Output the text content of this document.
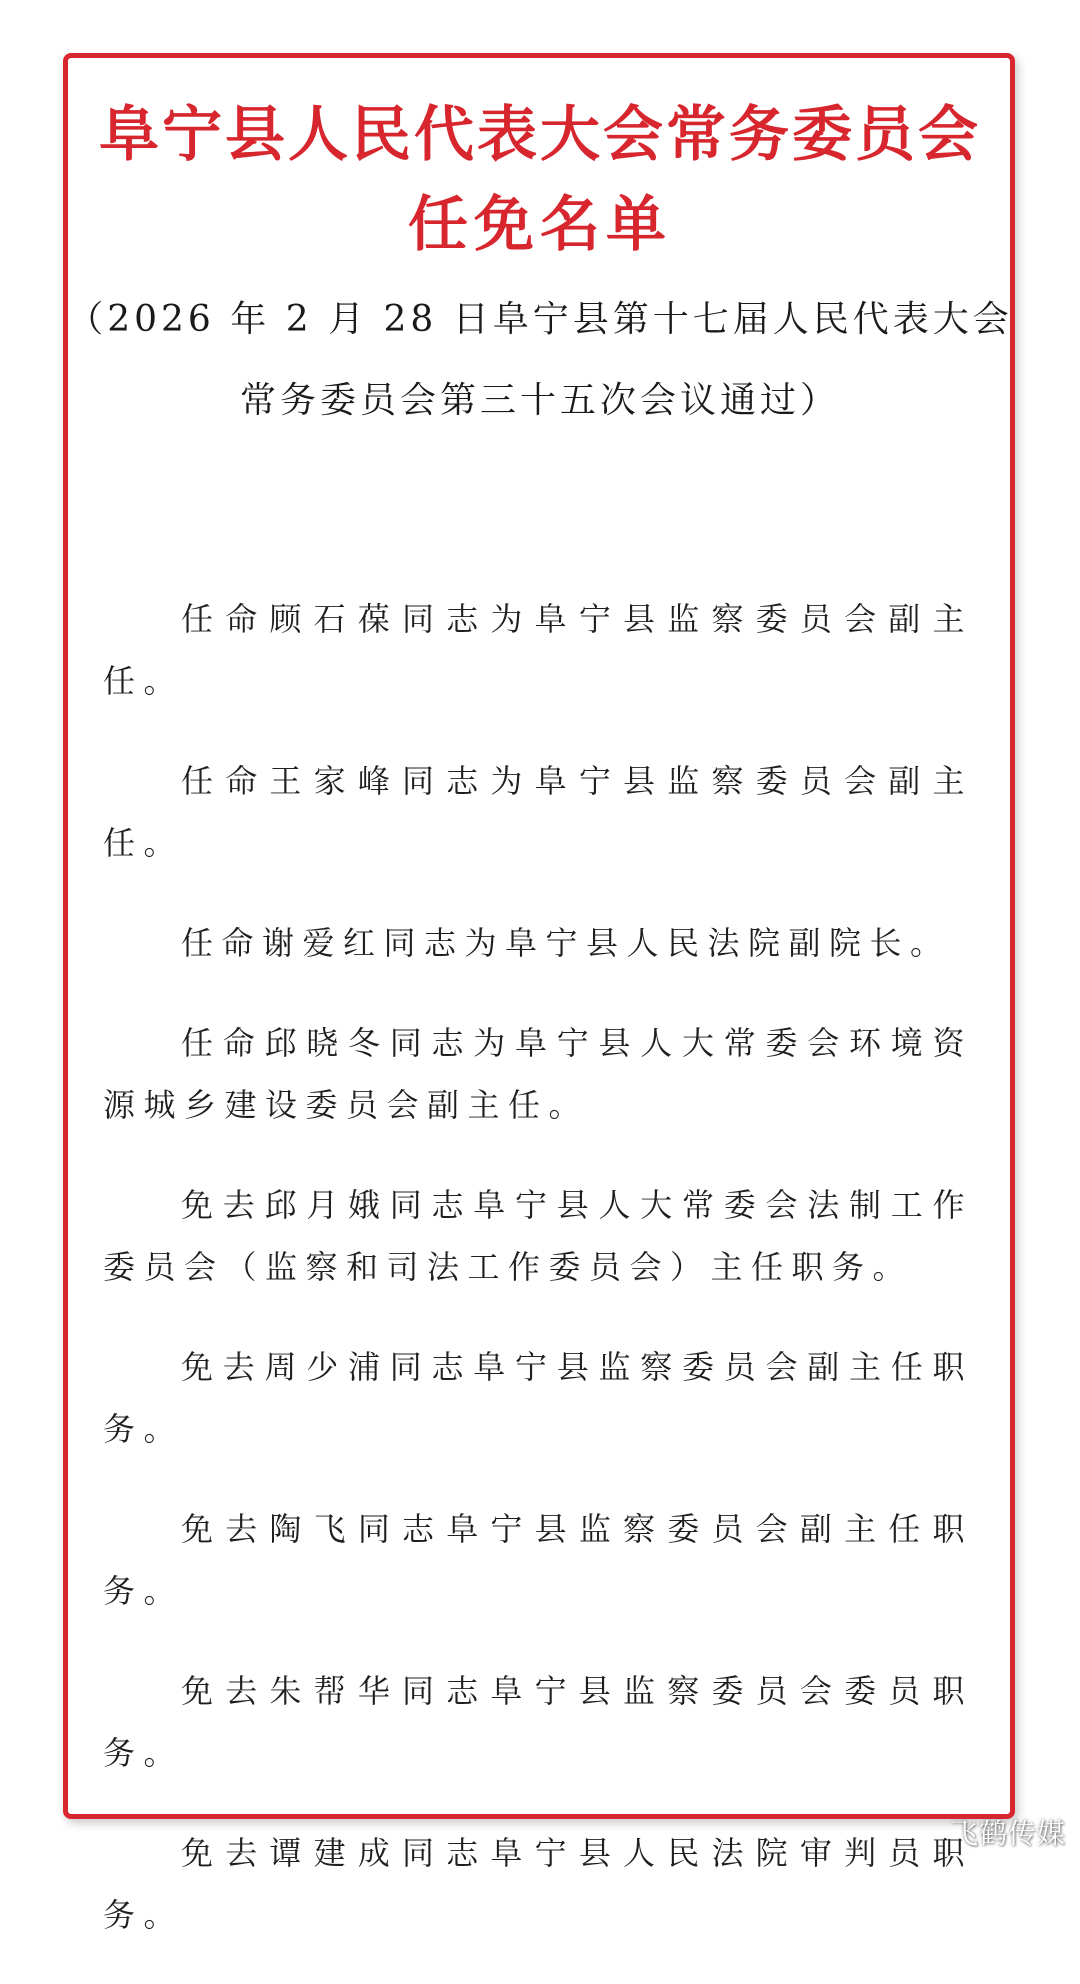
阜宁县人民代表大会常务委员会
任免名单

（2026 年 2 月 28 日阜宁县第十七届人民代表大会

常务委员会第三十五次会议通过）

任命顾石葆同志为阜宁县监察委员会副主任。

任命王家峰同志为阜宁县监察委员会副主任。

任命谢爱红同志为阜宁县人民法院副院长。

任命邱晓冬同志为阜宁县人大常委会环境资源城乡建设委员会副主任。

免去邱月娥同志阜宁县人大常委会法制工作委员会（监察和司法工作委员会）主任职务。

免去周少浦同志阜宁县监察委员会副主任职务。

免去陶飞同志阜宁县监察委员会副主任职务。

免去朱帮华同志阜宁县监察委员会委员职务。

免去谭建成同志阜宁县人民法院审判员职务。

飞鹤传媒
